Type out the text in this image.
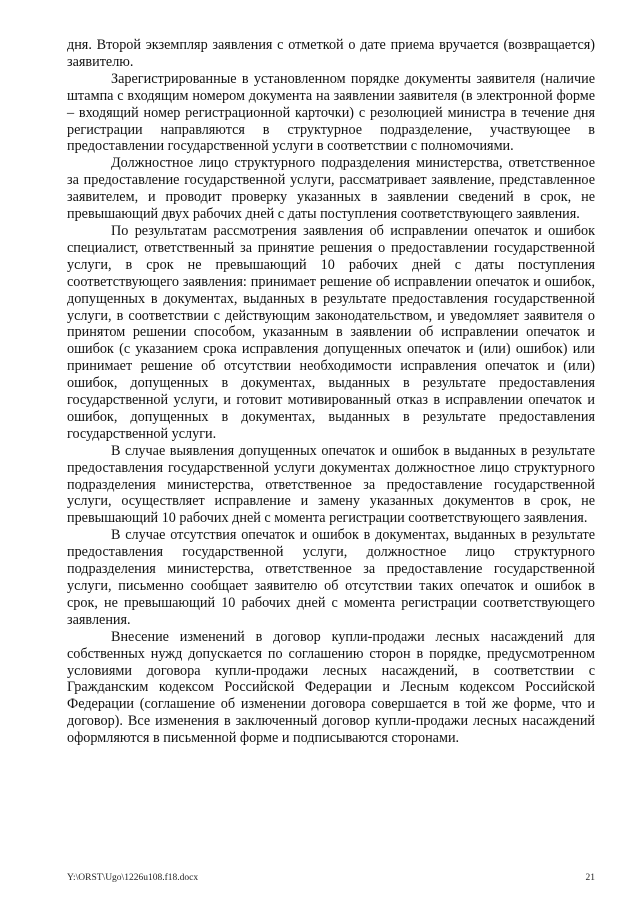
дня. Второй экземпляр заявления с отметкой о дате приема вручается (возвращается) заявителю.

Зарегистрированные в установленном порядке документы заявителя (наличие штампа с входящим номером документа на заявлении заявителя (в электронной форме – входящий номер регистрационной карточки) с резолюцией министра в течение дня регистрации направляются в структурное подразделение, участвующее в предоставлении государственной услуги в соответствии с полномочиями.

Должностное лицо структурного подразделения министерства, ответственное за предоставление государственной услуги, рассматривает заявление, представленное заявителем, и проводит проверку указанных в заявлении сведений в срок, не превышающий двух рабочих дней с даты поступления соответствующего заявления.

По результатам рассмотрения заявления об исправлении опечаток и ошибок специалист, ответственный за принятие решения о предоставлении государственной услуги, в срок не превышающий 10 рабочих дней с даты поступления соответствующего заявления: принимает решение об исправлении опечаток и ошибок, допущенных в документах, выданных в результате предоставления государственной услуги, в соответствии с действующим законодательством, и уведомляет заявителя о принятом решении способом, указанным в заявлении об исправлении опечаток и ошибок (с указанием срока исправления допущенных опечаток и (или) ошибок) или принимает решение об отсутствии необходимости исправления опечаток и (или) ошибок, допущенных в документах, выданных в результате предоставления государственной услуги, и готовит мотивированный отказ в исправлении опечаток и ошибок, допущенных в документах, выданных в результате предоставления государственной услуги.

В случае выявления допущенных опечаток и ошибок в выданных в результате предоставления государственной услуги документах должностное лицо структурного подразделения министерства, ответственное за предоставление государственной услуги, осуществляет исправление и замену указанных документов в срок, не превышающий 10 рабочих дней с момента регистрации соответствующего заявления.

В случае отсутствия опечаток и ошибок в документах, выданных в результате предоставления государственной услуги, должностное лицо структурного подразделения министерства, ответственное за предоставление государственной услуги, письменно сообщает заявителю об отсутствии таких опечаток и ошибок в срок, не превышающий 10 рабочих дней с момента регистрации соответствующего заявления.

Внесение изменений в договор купли-продажи лесных насаждений для собственных нужд допускается по соглашению сторон в порядке, предусмотренном условиями договора купли-продажи лесных насаждений, в соответствии с Гражданским кодексом Российской Федерации и Лесным кодексом Российской Федерации (соглашение об изменении договора совершается в той же форме, что и договор). Все изменения в заключенный договор купли-продажи лесных насаждений оформляются в письменной форме и подписываются сторонами.

Y:\ORST\Ugo\1226u108.f18.docx	21
